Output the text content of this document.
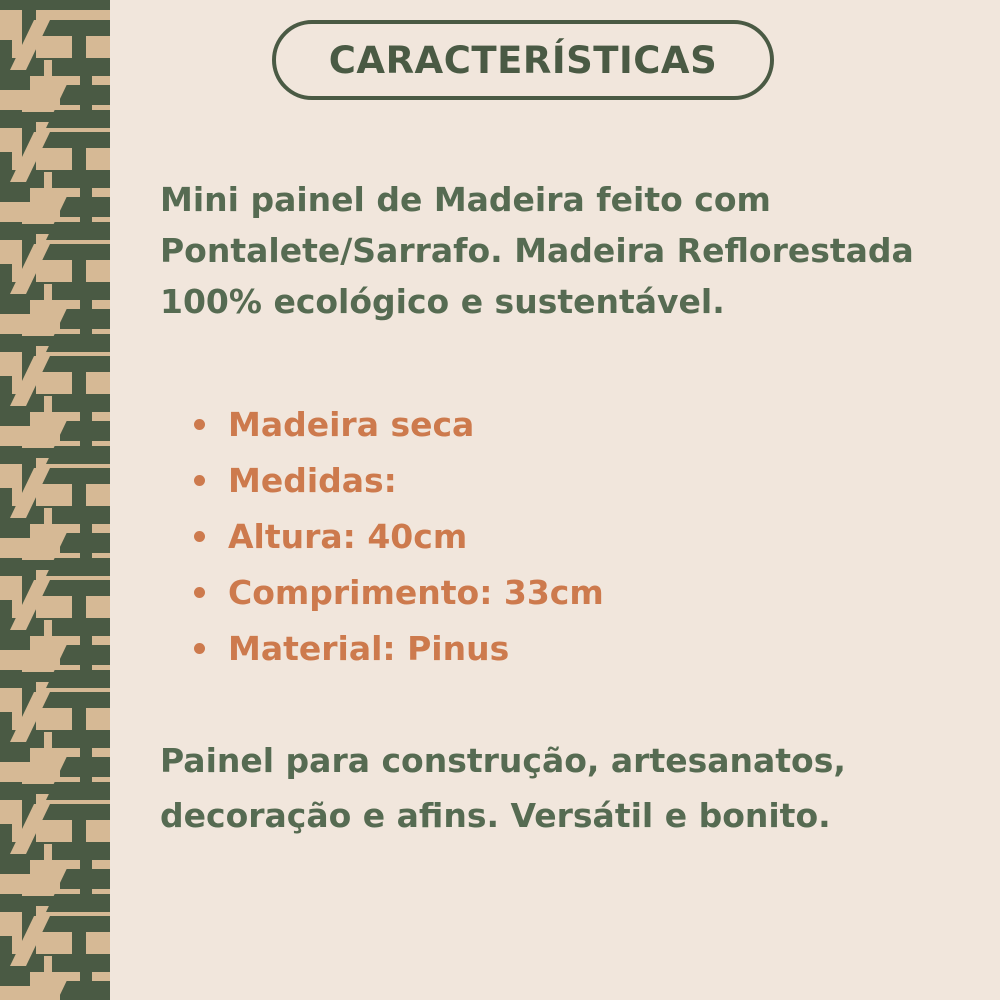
CARACTERÍSTICAS

Mini painel de Madeira feito com Pontalete/Sarrafo. Madeira Reflorestada 100% ecológico e sustentável.

Madeira seca
Medidas:
Altura: 40cm
Comprimento: 33cm
Material: Pinus

Painel para construção, artesanatos, decoração e afins. Versátil e bonito.
